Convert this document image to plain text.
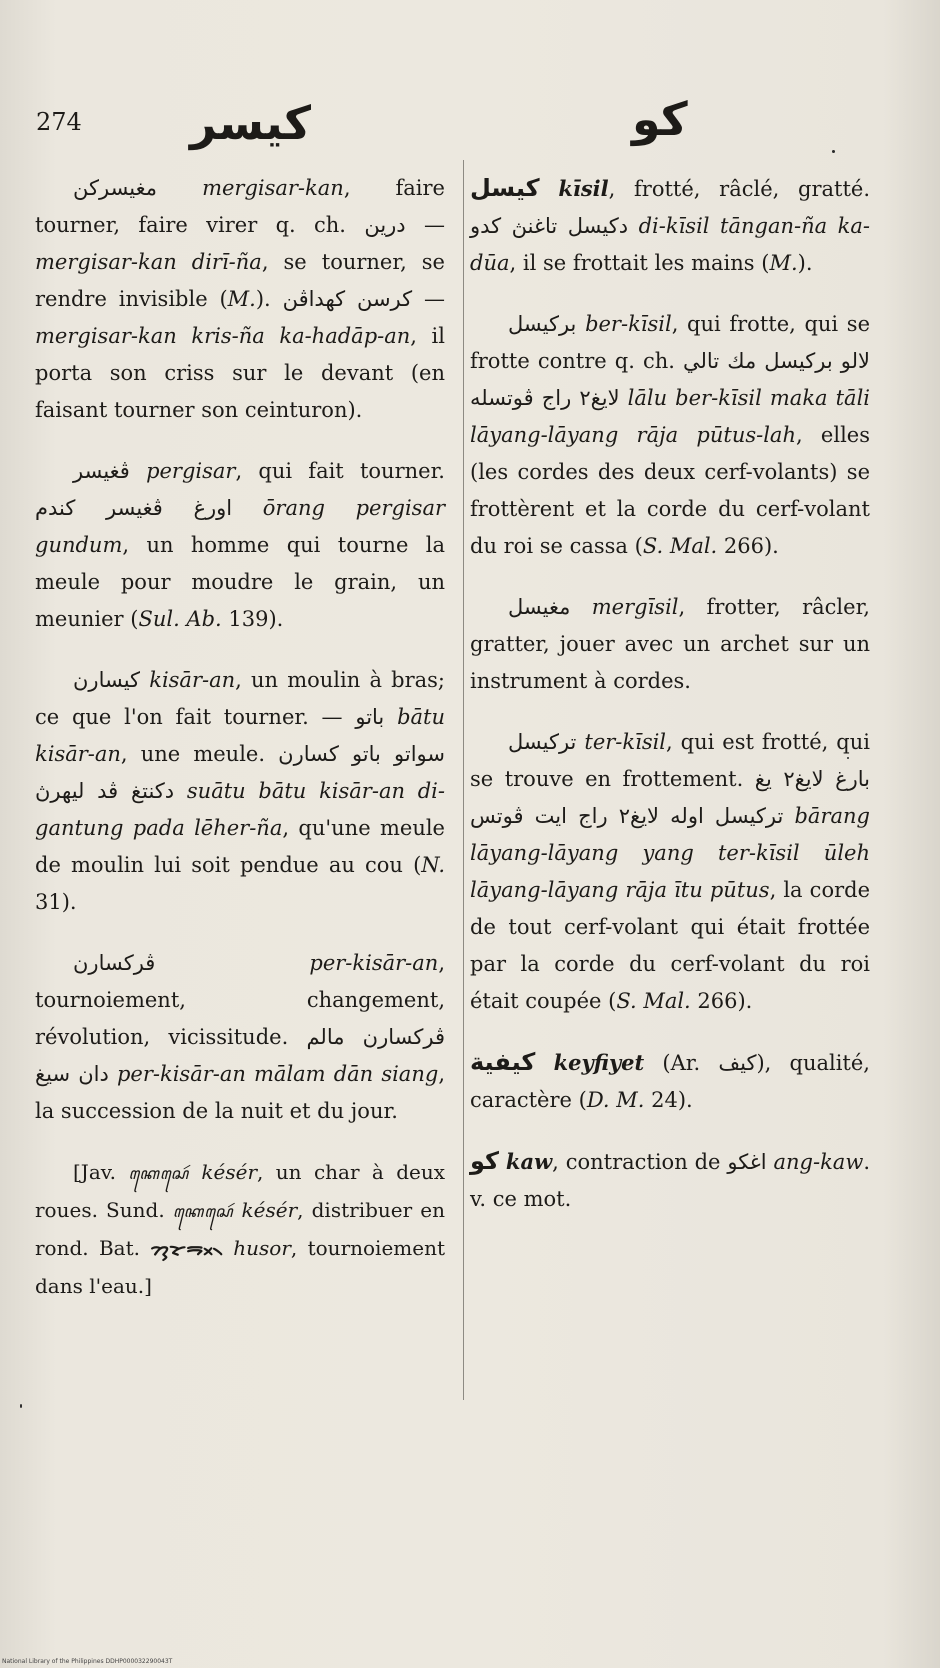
274 كيسر	كو

مغيسركن mergisar-kan, faire tourner, faire virer q. ch. درين — mergisar-kan dirī-ña, se tourner, se rendre invisible (M.). كرسن كهداڤن — mergisar-kan kris-ña ka-hadāp-an, il porta son criss sur le devant (en faisant tourner son ceinturon).

ڤغيسر pergisar, qui fait tourner. اورغ ڤغيسر كندم ōrang pergisar gundum, un homme qui tourne la meule pour moudre le grain, un meunier (Sul. Ab. 139).

كيسارن kisār-an, un moulin à bras; ce que l'on fait tourner. — باتو bātu kisār-an, une meule. سواتو باتو كسارن دكنتغ ڤد ليهرڽ suātu bātu kisār-an di-gantung pada lēher-ña, qu'une meule de moulin lui soit pendue au cou (N. 31).

ڤركسارن	per-kisār-an, tournoiement, changement, révolution, vicissitude. ڤركسارن مالم دان سيغ per-kisār-an mālam dān siang, la succession de la nuit et du jour.

[Jav. ꦏꦺꦱꦺꦂ késér, un char à deux roues. Sund. ꦏꦺꦱꦺꦂ késér, distribuer en rond. Bat. ᯂᯮᯘᯬᯒ᯲ husor, tournoiement dans l'eau.]

كيسل kīsil, frotté, râclé, gratté. دكيسل تاغنڽ كدو di-kīsil tāngan-ña ka-dūa, il se frottait les mains (M.).

بركيسل ber-kīsil, qui frotte, qui se frotte contre q. ch. لالو بركيسل مك تالي لايغ٢ راج ڤوتسله lālu ber-kīsil maka tāli lāyang-lāyang rāja pūtus-lah, elles (les cordes des deux cerf-volants) se frottèrent et la corde du cerf-volant du roi se cassa (S. Mal. 266).

مغيسل mergīsil, frotter, râcler, gratter, jouer avec un archet sur un instrument à cordes.

تركيسل ter-kīsil, qui est frotté, qui se trouve en frottement. بارغ لايغ٢ يغ تركيسل اوله لايغ٢ راج ايت ڤوتس bārang lāyang-lāyang yang ter-kīsil ūleh lāyang-lāyang rāja ītu pūtus, la corde de tout cerf-volant qui était frottée par la corde du cerf-volant du roi était coupée (S. Mal. 266).

كيفية keyfiyet (Ar. كيف), qualité, caractère (D. M. 24).

كو kaw, contraction de اغكو ang-kaw. v. ce mot.

National Library of the Philippines DDHP000032290043T
